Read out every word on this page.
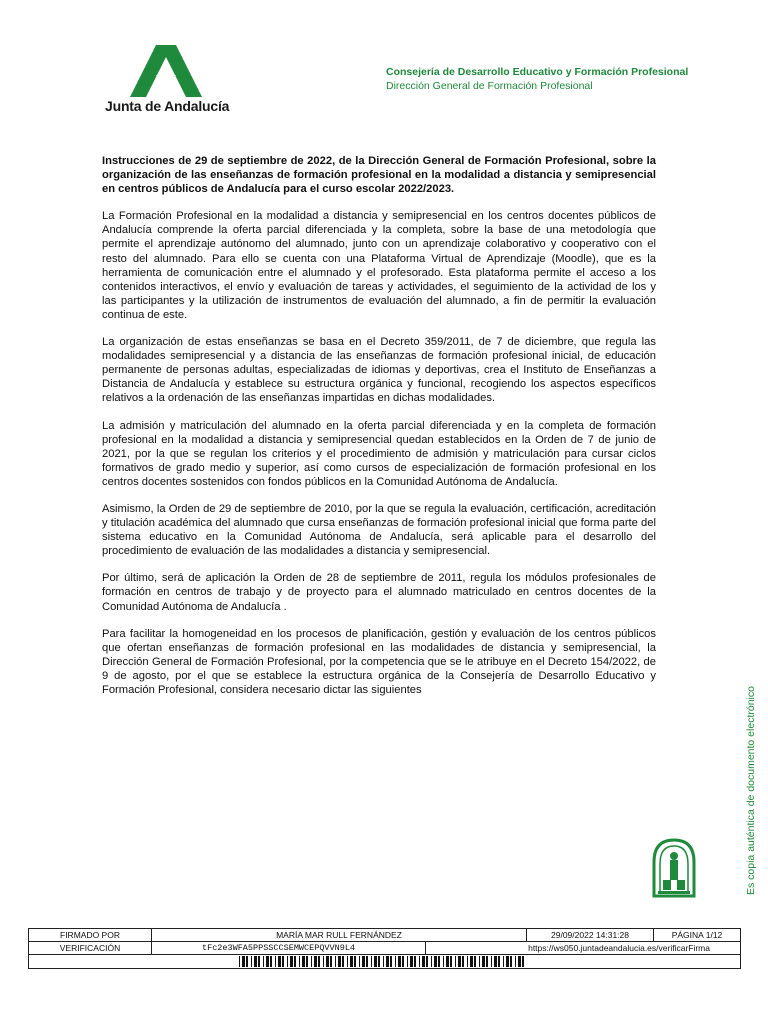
Junta de Andalucía
Consejería de Desarrollo Educativo y Formación Profesional
Dirección General de Formación Profesional

Instrucciones de 29 de septiembre de 2022, de la Dirección General de Formación Profesional, sobre la organización de las enseñanzas de formación profesional en la modalidad a distancia y semipresencial en centros públicos de Andalucía para el curso escolar 2022/2023.

La Formación Profesional en la modalidad a distancia y semipresencial en los centros docentes públicos de Andalucía comprende la oferta parcial diferenciada y la completa, sobre la base de una metodología que permite el aprendizaje autónomo del alumnado, junto con un aprendizaje colaborativo y cooperativo con el resto del alumnado. Para ello se cuenta con una Plataforma Virtual de Aprendizaje (Moodle), que es la herramienta de comunicación entre el alumnado y el profesorado. Esta plataforma permite el acceso a los contenidos interactivos, el envío y evaluación de tareas y actividades, el seguimiento de la actividad de los y las participantes y la utilización de instrumentos de evaluación del alumnado, a fin de permitir la evaluación continua de este.

La organización de estas enseñanzas se basa en el Decreto 359/2011, de 7 de diciembre, que regula las modalidades semipresencial y a distancia de las enseñanzas de formación profesional inicial, de educación permanente de personas adultas, especializadas de idiomas y deportivas, crea el Instituto de Enseñanzas a Distancia de Andalucía y establece su estructura orgánica y funcional, recogiendo los aspectos específicos relativos a la ordenación de las enseñanzas impartidas en dichas modalidades.

La admisión y matriculación del alumnado en la oferta parcial diferenciada y en la completa de formación profesional en la modalidad a distancia y semipresencial quedan establecidos en la Orden de 7 de junio de 2021, por la que se regulan los criterios y el procedimiento de admisión y matriculación para cursar ciclos formativos de grado medio y superior, así como cursos de especialización de formación profesional en los centros docentes sostenidos con fondos públicos en la Comunidad Autónoma de Andalucía.

Asimismo, la Orden de 29 de septiembre de 2010, por la que se regula la evaluación, certificación, acreditación y titulación académica del alumnado que cursa enseñanzas de formación profesional inicial que forma parte del sistema educativo en la Comunidad Autónoma de Andalucía, será aplicable para el desarrollo del procedimiento de evaluación de las modalidades a distancia y semipresencial.

Por último, será de aplicación la Orden de 28 de septiembre de 2011, regula los módulos profesionales de formación en centros de trabajo y de proyecto para el alumnado matriculado en centros docentes de la Comunidad Autónoma de Andalucía .

Para facilitar la homogeneidad en los procesos de planificación, gestión y evaluación de los centros públicos que ofertan enseñanzas de formación profesional en las modalidades de distancia y semipresencial, la Dirección General de Formación Profesional, por la competencia que se le atribuye en el Decreto 154/2022, de 9 de agosto, por el que se establece la estructura orgánica de la Consejería de Desarrollo Educativo y Formación Profesional, considera necesario dictar las siguientes	Es copia auténtica de documento electrónico
FIRMADO POR	MARÍA MAR RULL FERNÁNDEZ		29/09/2022 14:31:28	PÁGINA 1/12
VERIFICACIÓN	tFc2e3WFA5PPSSCCSEMWCEPQVVN9L4	https://ws050.juntadeandalucia.es/verificarFirma		
